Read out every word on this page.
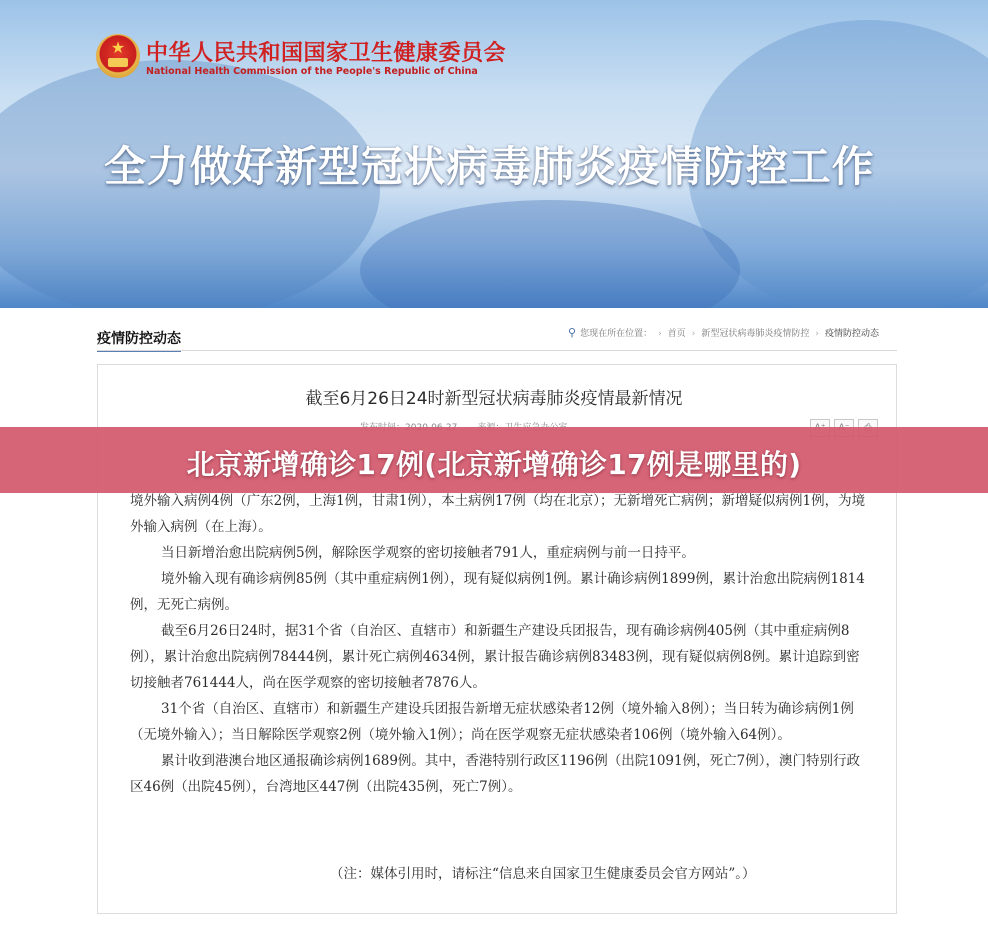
★ 中华人民共和国国家卫生健康委员会
National Health Commission of the People's Republic of China
全力做好新型冠状病毒肺炎疫情防控工作
疫情防控动态	⚲ 您现在所在位置： › 首页 › 新型冠状病毒肺炎疫情防控 › 疫情防控动态
截至6月26日24时新型冠状病毒肺炎疫情最新情况

境外输入病例4例（广东2例，上海1例，甘肃1例），本土病例17例（均在北京）；无新增死亡病例；新增疑似病例1例，为境外输入病例（在上海）。

当日新增治愈出院病例5例，解除医学观察的密切接触者791人，重症病例与前一日持平。

境外输入现有确诊病例85例（其中重症病例1例），现有疑似病例1例。累计确诊病例1899例，累计治愈出院病例1814例，无死亡病例。

截至6月26日24时，据31个省（自治区、直辖市）和新疆生产建设兵团报告，现有确诊病例405例（其中重症病例8例），累计治愈出院病例78444例，累计死亡病例4634例，累计报告确诊病例83483例，现有疑似病例8例。累计追踪到密切接触者761444人，尚在医学观察的密切接触者7876人。

31个省（自治区、直辖市）和新疆生产建设兵团报告新增无症状感染者12例（境外输入8例）；当日转为确诊病例1例（无境外输入）；当日解除医学观察2例（境外输入1例）；尚在医学观察无症状感染者106例（境外输入64例）。

累计收到港澳台地区通报确诊病例1689例。其中，香港特别行政区1196例（出院1091例，死亡7例），澳门特别行政区46例（出院45例），台湾地区447例（出院435例，死亡7例）。

（注：媒体引用时，请标注“信息来自国家卫生健康委员会官方网站”。）
北京新增确诊17例(北京新增确诊17例是哪里的)
